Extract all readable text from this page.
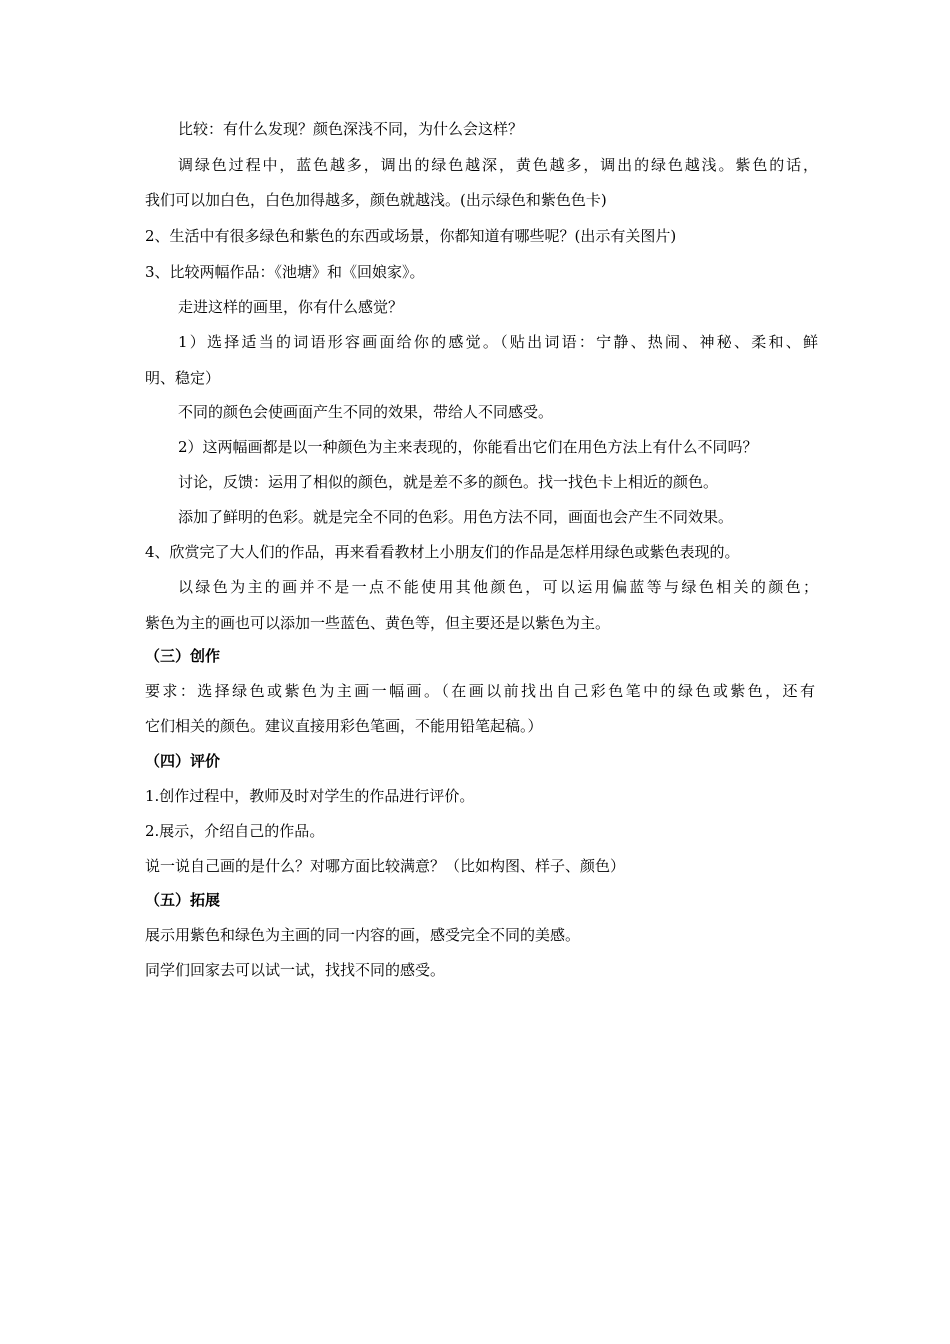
比较：有什么发现？颜色深浅不同，为什么会这样？
调绿色过程中，蓝色越多，调出的绿色越深，黄色越多，调出的绿色越浅。紫色的话，
我们可以加白色，白色加得越多，颜色就越浅。(出示绿色和紫色色卡)
2、生活中有很多绿色和紫色的东西或场景，你都知道有哪些呢？(出示有关图片)
3、比较两幅作品：《池塘》和《回娘家》。
走进这样的画里，你有什么感觉？
1）选择适当的词语形容画面给你的感觉。（贴出词语：宁静、热闹、神秘、柔和、鲜
明、稳定）
不同的颜色会使画面产生不同的效果，带给人不同感受。
2）这两幅画都是以一种颜色为主来表现的，你能看出它们在用色方法上有什么不同吗？
讨论，反馈：运用了相似的颜色，就是差不多的颜色。找一找色卡上相近的颜色。
添加了鲜明的色彩。就是完全不同的色彩。用色方法不同，画面也会产生不同效果。
4、欣赏完了大人们的作品，再来看看教材上小朋友们的作品是怎样用绿色或紫色表现的。
以绿色为主的画并不是一点不能使用其他颜色，可以运用偏蓝等与绿色相关的颜色；
紫色为主的画也可以添加一些蓝色、黄色等，但主要还是以紫色为主。
（三）创作
要求：选择绿色或紫色为主画一幅画。（在画以前找出自己彩色笔中的绿色或紫色，还有
它们相关的颜色。建议直接用彩色笔画，不能用铅笔起稿。）
（四）评价
1.创作过程中，教师及时对学生的作品进行评价。
2.展示，介绍自己的作品。
说一说自己画的是什么？对哪方面比较满意？（比如构图、样子、颜色）
（五）拓展
展示用紫色和绿色为主画的同一内容的画，感受完全不同的美感。
同学们回家去可以试一试，找找不同的感受。
